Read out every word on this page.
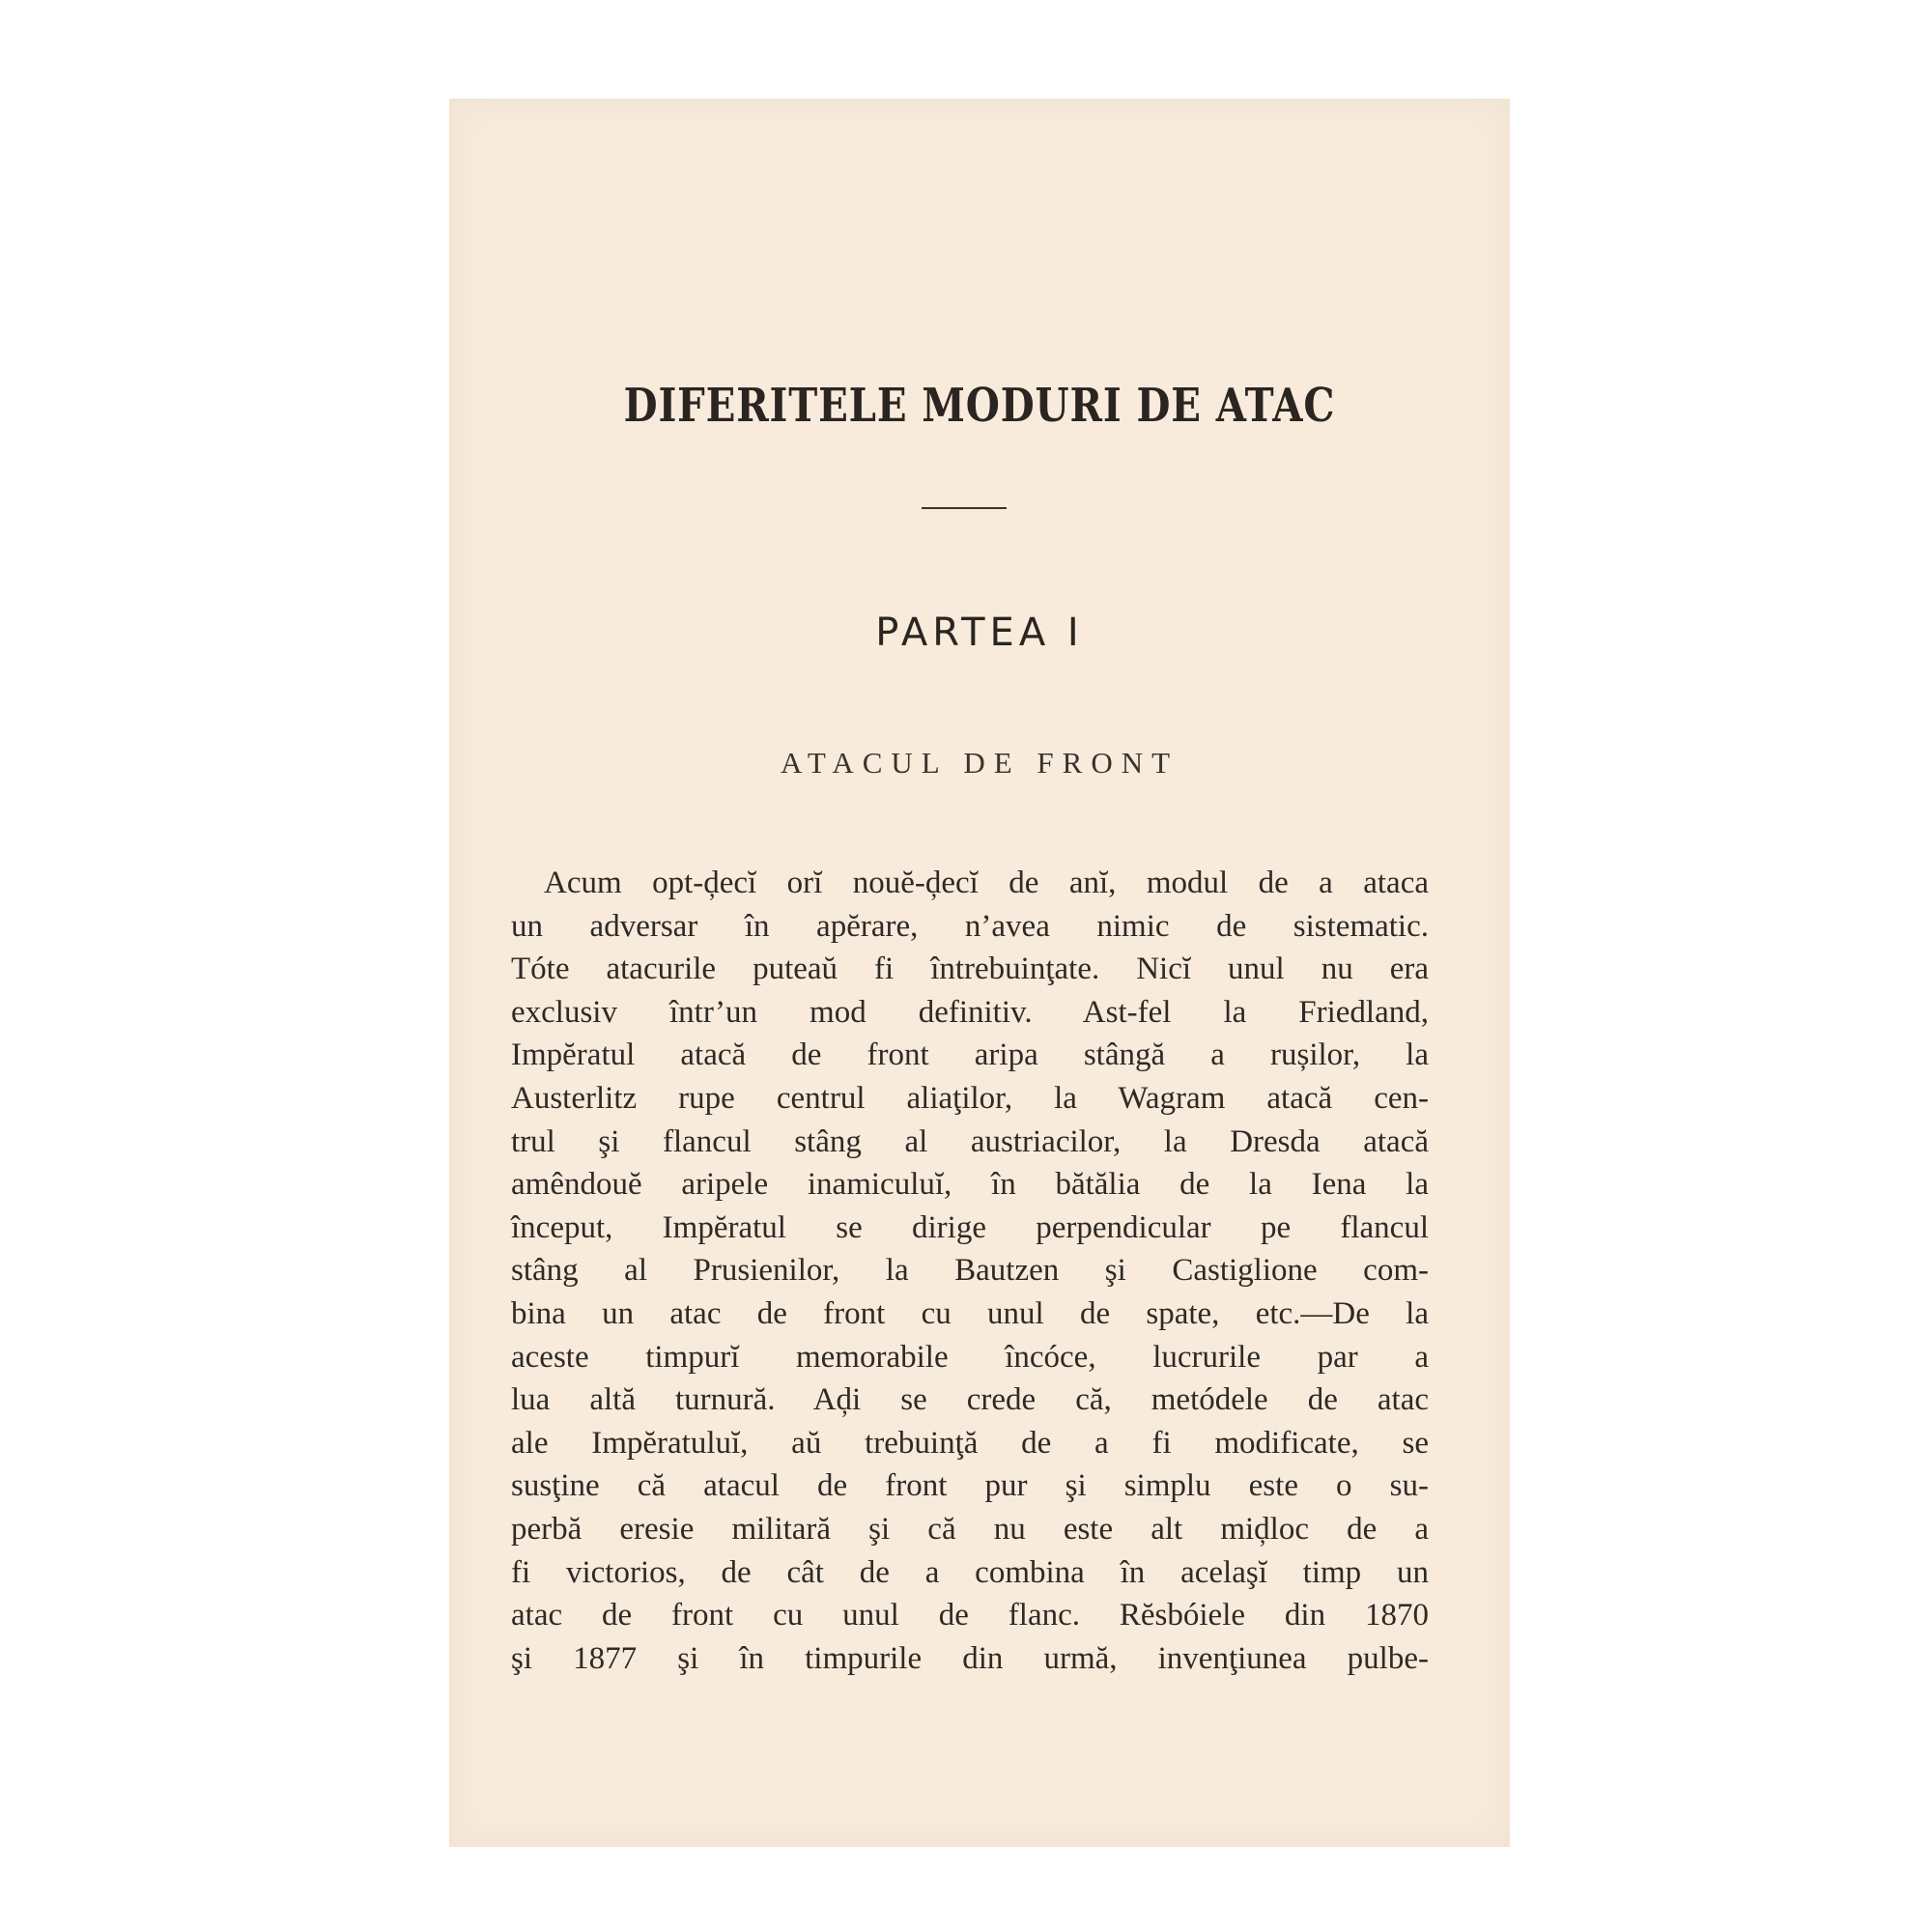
DIFERITELE MODURI DE ATAC
PARTEA I
ATACUL DE FRONT
Acum opt-ḑecĭ orĭ nouĕ-ḑecĭ de anĭ, modul de a ataca
un adversar în apĕrare, n’avea nimic de sistematic.
Tóte atacurile puteaŭ fi întrebuinţate. Nicĭ unul nu era
exclusiv într’un mod definitiv. Ast-fel la Friedland,
Impĕratul atacă de front aripa stângă a rușilor, la
Austerlitz rupe centrul aliaţilor, la Wagram atacă cen-
trul şi flancul stâng al austriacilor, la Dresda atacă
amêndouĕ aripele inamiculuĭ, în bătălia de la Iena la
început, Impĕratul se dirige perpendicular pe flancul
stâng al Prusienilor, la Bautzen şi Castiglione com-
bina un atac de front cu unul de spate, etc.—De la
aceste timpurĭ memorabile încóce, lucrurile par a
lua altă turnură. Aḑi se crede că, metódele de atac
ale Impĕratuluĭ, aŭ trebuinţă de a fi modificate, se
susţine că atacul de front pur şi simplu este o su-
perbă eresie militară şi că nu este alt miḑloc de a
fi victorios, de cât de a combina în acelaşĭ timp un
atac de front cu unul de flanc. Rĕsbóiele din 1870
şi 1877 şi în timpurile din urmă, invenţiunea pulbe-
